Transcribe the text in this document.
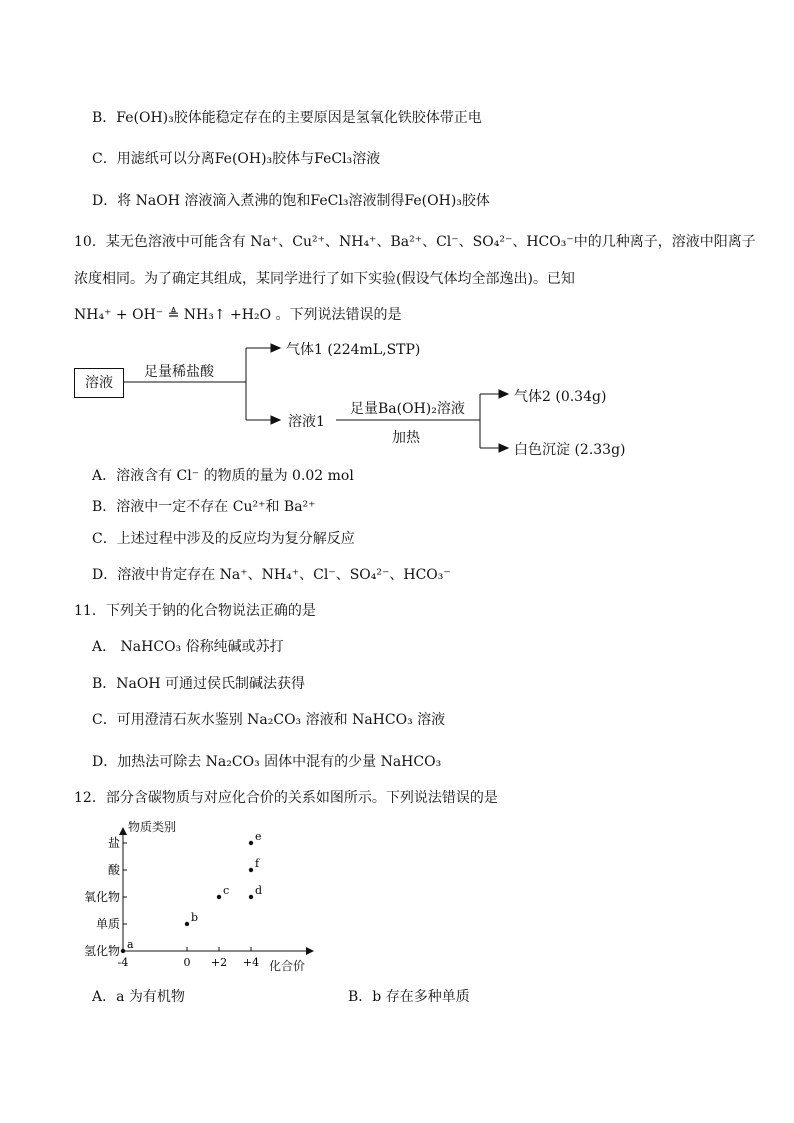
B．Fe(OH)₃胶体能稳定存在的主要原因是氢氧化铁胶体带正电
C．用滤纸可以分离Fe(OH)₃胶体与FeCl₃溶液
D．将 NaOH 溶液滴入煮沸的饱和FeCl₃溶液制得Fe(OH)₃胶体
10．某无色溶液中可能含有 Na⁺、Cu²⁺、NH₄⁺、Ba²⁺、Cl⁻、SO₄²⁻、HCO₃⁻中的几种离子，溶液中阳离子
浓度相同。为了确定其组成，某同学进行了如下实验(假设气体均全部逸出)。已知
NH₄⁺ + OH⁻ ≜ NH₃↑ +H₂O 。下列说法错误的是
溶液
足量稀盐酸
气体1 (224mL,STP)
溶液1
足量Ba(OH)₂溶液
加热
气体2 (0.34g)
白色沉淀 (2.33g)
A．溶液含有 Cl⁻ 的物质的量为 0.02 mol
B．溶液中一定不存在 Cu²⁺和 Ba²⁺
C．上述过程中涉及的反应均为复分解反应
D．溶液中肯定存在 Na⁺、NH₄⁺、Cl⁻、SO₄²⁻、HCO₃⁻
11．下列关于钠的化合物说法正确的是
A． NaHCO₃ 俗称纯碱或苏打
B．NaOH 可通过侯氏制碱法获得
C．可用澄清石灰水鉴别 Na₂CO₃ 溶液和 NaHCO₃ 溶液
D．加热法可除去 Na₂CO₃ 固体中混有的少量 NaHCO₃
12．部分含碳物质与对应化合价的关系如图所示。下列说法错误的是
-4	0 +2 +4
氢化物
单质
氧化物
酸
盐
a
b
c d
f
e
物质类别
化合价
A．a 为有机物	B．b 存在多种单质
